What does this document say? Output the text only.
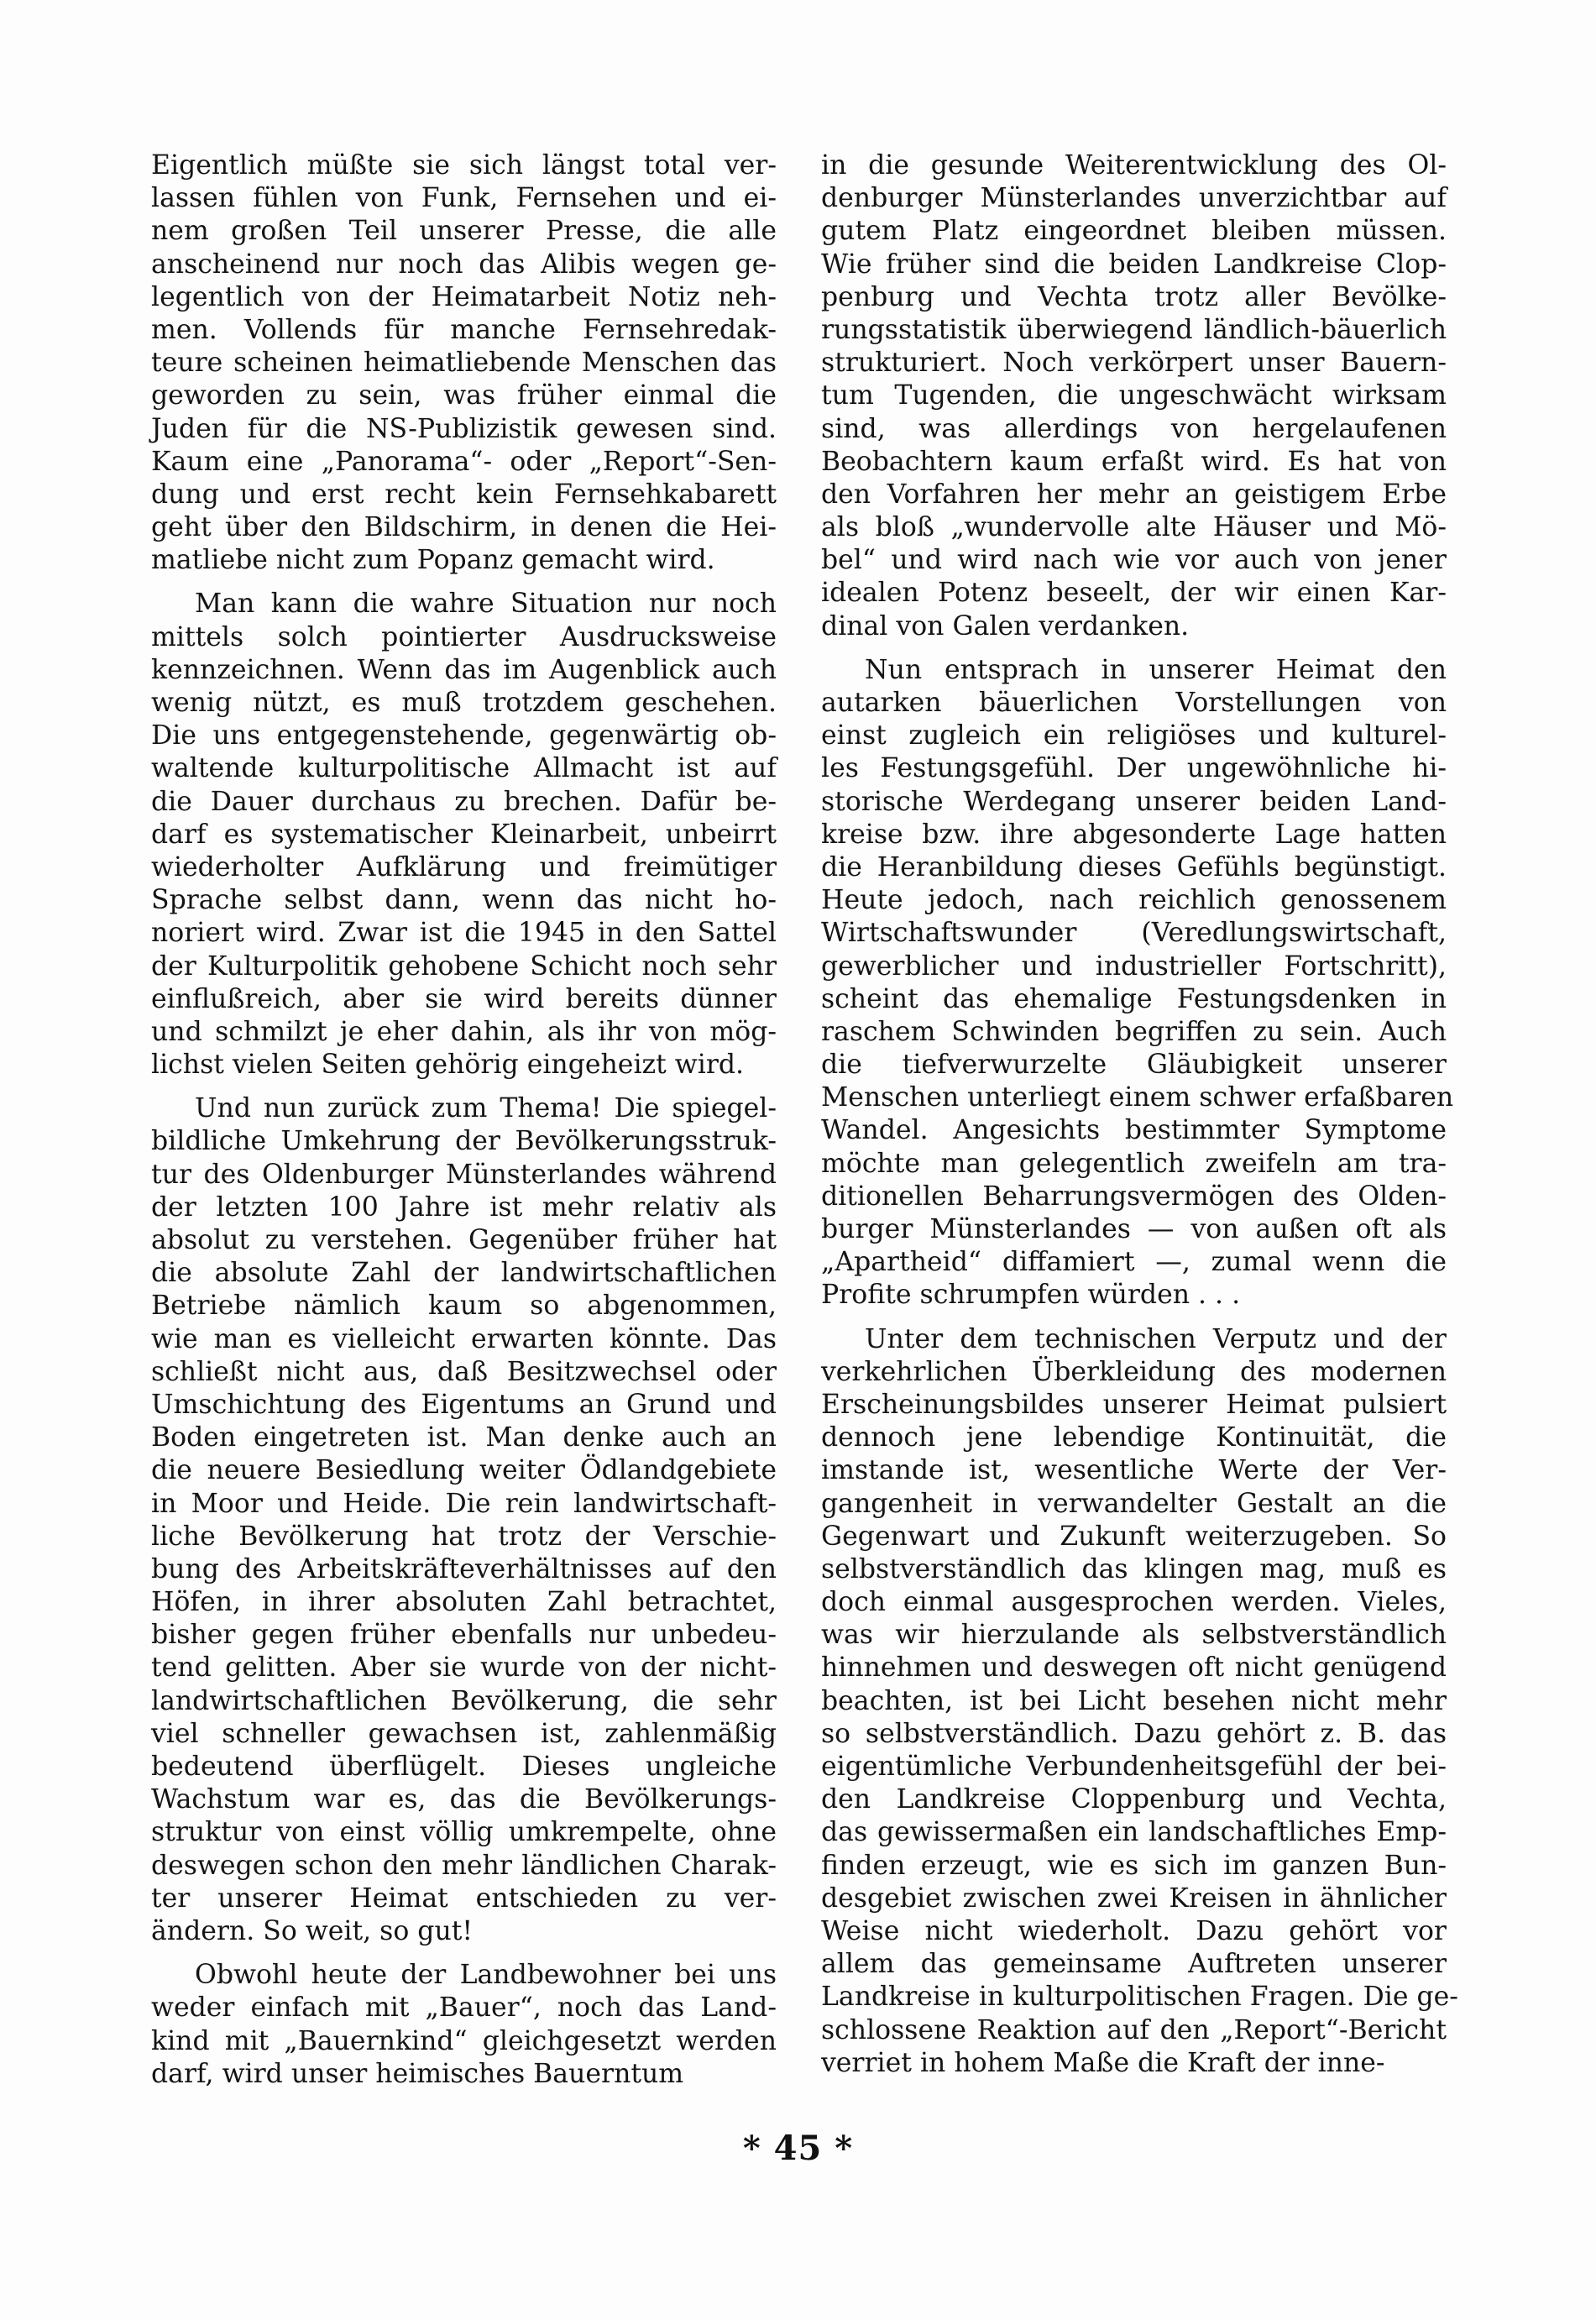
Eigentlich müßte sie sich längst total ver-
lassen fühlen von Funk, Fernsehen und ei-
nem großen Teil unserer Presse, die alle
anscheinend nur noch das Alibis wegen ge-
legentlich von der Heimatarbeit Notiz neh-
men. Vollends für manche Fernsehredak-
teure scheinen heimatliebende Menschen das
geworden zu sein, was früher einmal die
Juden für die NS-Publizistik gewesen sind.
Kaum eine „Panorama“- oder „Report“-Sen-
dung und erst recht kein Fernsehkabarett
geht über den Bildschirm, in denen die Hei-
matliebe nicht zum Popanz gemacht wird.
Man kann die wahre Situation nur noch
mittels solch pointierter Ausdrucksweise
kennzeichnen. Wenn das im Augenblick auch
wenig nützt, es muß trotzdem geschehen.
Die uns entgegenstehende, gegenwärtig ob-
waltende kulturpolitische Allmacht ist auf
die Dauer durchaus zu brechen. Dafür be-
darf es systematischer Kleinarbeit, unbeirrt
wiederholter Aufklärung und freimütiger
Sprache selbst dann, wenn das nicht ho-
noriert wird. Zwar ist die 1945 in den Sattel
der Kulturpolitik gehobene Schicht noch sehr
einflußreich, aber sie wird bereits dünner
und schmilzt je eher dahin, als ihr von mög-
lichst vielen Seiten gehörig eingeheizt wird.
Und nun zurück zum Thema! Die spiegel-
bildliche Umkehrung der Bevölkerungsstruk-
tur des Oldenburger Münsterlandes während
der letzten 100 Jahre ist mehr relativ als
absolut zu verstehen. Gegenüber früher hat
die absolute Zahl der landwirtschaftlichen
Betriebe nämlich kaum so abgenommen,
wie man es vielleicht erwarten könnte. Das
schließt nicht aus, daß Besitzwechsel oder
Umschichtung des Eigentums an Grund und
Boden eingetreten ist. Man denke auch an
die neuere Besiedlung weiter Ödlandgebiete
in Moor und Heide. Die rein landwirtschaft-
liche Bevölkerung hat trotz der Verschie-
bung des Arbeitskräfteverhältnisses auf den
Höfen, in ihrer absoluten Zahl betrachtet,
bisher gegen früher ebenfalls nur unbedeu-
tend gelitten. Aber sie wurde von der nicht-
landwirtschaftlichen Bevölkerung, die sehr
viel schneller gewachsen ist, zahlenmäßig
bedeutend überflügelt. Dieses ungleiche
Wachstum war es, das die Bevölkerungs-
struktur von einst völlig umkrempelte, ohne
deswegen schon den mehr ländlichen Charak-
ter unserer Heimat entschieden zu ver-
ändern. So weit, so gut!
Obwohl heute der Landbewohner bei uns
weder einfach mit „Bauer“, noch das Land-
kind mit „Bauernkind“ gleichgesetzt werden
darf, wird unser heimisches Bauerntum
in die gesunde Weiterentwicklung des Ol-
denburger Münsterlandes unverzichtbar auf
gutem Platz eingeordnet bleiben müssen.
Wie früher sind die beiden Landkreise Clop-
penburg und Vechta trotz aller Bevölke-
rungsstatistik überwiegend ländlich-bäuerlich
strukturiert. Noch verkörpert unser Bauern-
tum Tugenden, die ungeschwächt wirksam
sind, was allerdings von hergelaufenen
Beobachtern kaum erfaßt wird. Es hat von
den Vorfahren her mehr an geistigem Erbe
als bloß „wundervolle alte Häuser und Mö-
bel“ und wird nach wie vor auch von jener
idealen Potenz beseelt, der wir einen Kar-
dinal von Galen verdanken.
Nun entsprach in unserer Heimat den
autarken bäuerlichen Vorstellungen von
einst zugleich ein religiöses und kulturel-
les Festungsgefühl. Der ungewöhnliche hi-
storische Werdegang unserer beiden Land-
kreise bzw. ihre abgesonderte Lage hatten
die Heranbildung dieses Gefühls begünstigt.
Heute jedoch, nach reichlich genossenem
Wirtschaftswunder (Veredlungswirtschaft,
gewerblicher und industrieller Fortschritt),
scheint das ehemalige Festungsdenken in
raschem Schwinden begriffen zu sein. Auch
die tiefverwurzelte Gläubigkeit unserer
Menschen unterliegt einem schwer erfaßbaren
Wandel. Angesichts bestimmter Symptome
möchte man gelegentlich zweifeln am tra-
ditionellen Beharrungsvermögen des Olden-
burger Münsterlandes — von außen oft als
„Apartheid“ diffamiert —, zumal wenn die
Profite schrumpfen würden . . .
Unter dem technischen Verputz und der
verkehrlichen Überkleidung des modernen
Erscheinungsbildes unserer Heimat pulsiert
dennoch jene lebendige Kontinuität, die
imstande ist, wesentliche Werte der Ver-
gangenheit in verwandelter Gestalt an die
Gegenwart und Zukunft weiterzugeben. So
selbstverständlich das klingen mag, muß es
doch einmal ausgesprochen werden. Vieles,
was wir hierzulande als selbstverständlich
hinnehmen und deswegen oft nicht genügend
beachten, ist bei Licht besehen nicht mehr
so selbstverständlich. Dazu gehört z. B. das
eigentümliche Verbundenheitsgefühl der bei-
den Landkreise Cloppenburg und Vechta,
das gewissermaßen ein landschaftliches Emp-
finden erzeugt, wie es sich im ganzen Bun-
desgebiet zwischen zwei Kreisen in ähnlicher
Weise nicht wiederholt. Dazu gehört vor
allem das gemeinsame Auftreten unserer
Landkreise in kulturpolitischen Fragen. Die ge-
schlossene Reaktion auf den „Report“-Bericht
verriet in hohem Maße die Kraft der inne-
* 45 *
